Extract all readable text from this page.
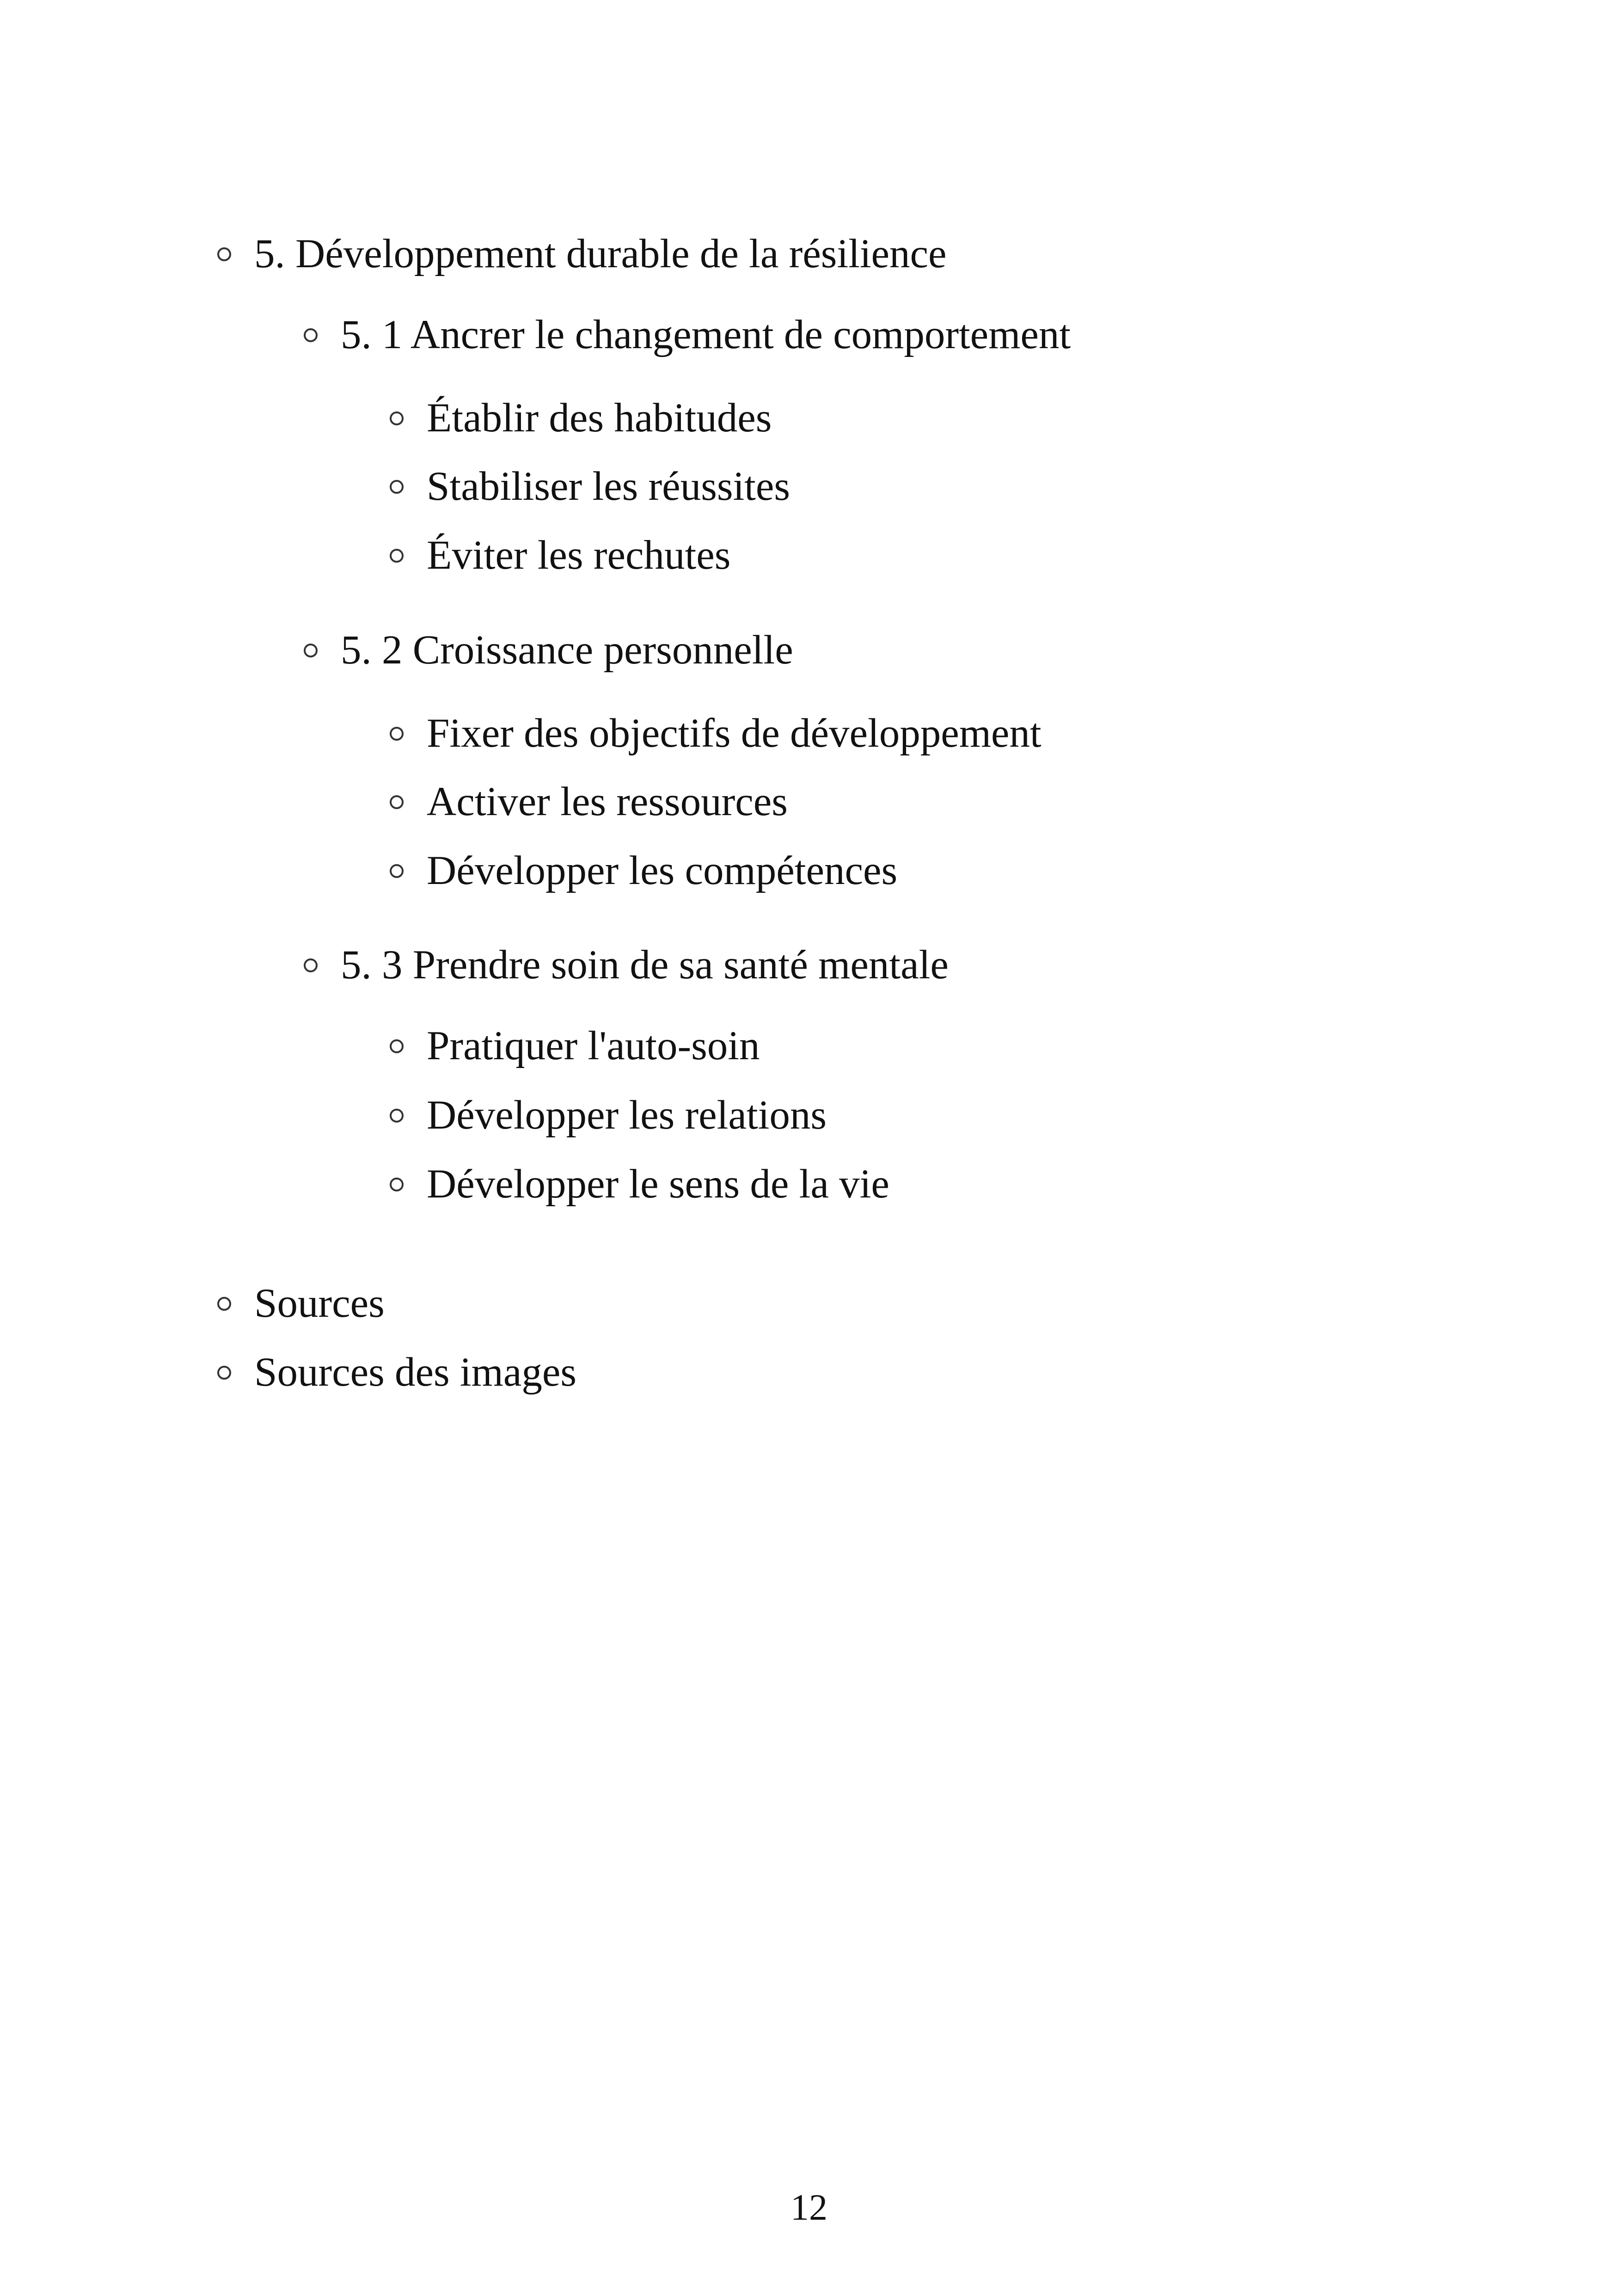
5. Développement durable de la résilience
5. 1 Ancrer le changement de comportement
Établir des habitudes
Stabiliser les réussites
Éviter les rechutes
5. 2 Croissance personnelle
Fixer des objectifs de développement
Activer les ressources
Développer les compétences
5. 3 Prendre soin de sa santé mentale
Pratiquer l'auto-soin
Développer les relations
Développer le sens de la vie
Sources
Sources des images
12
